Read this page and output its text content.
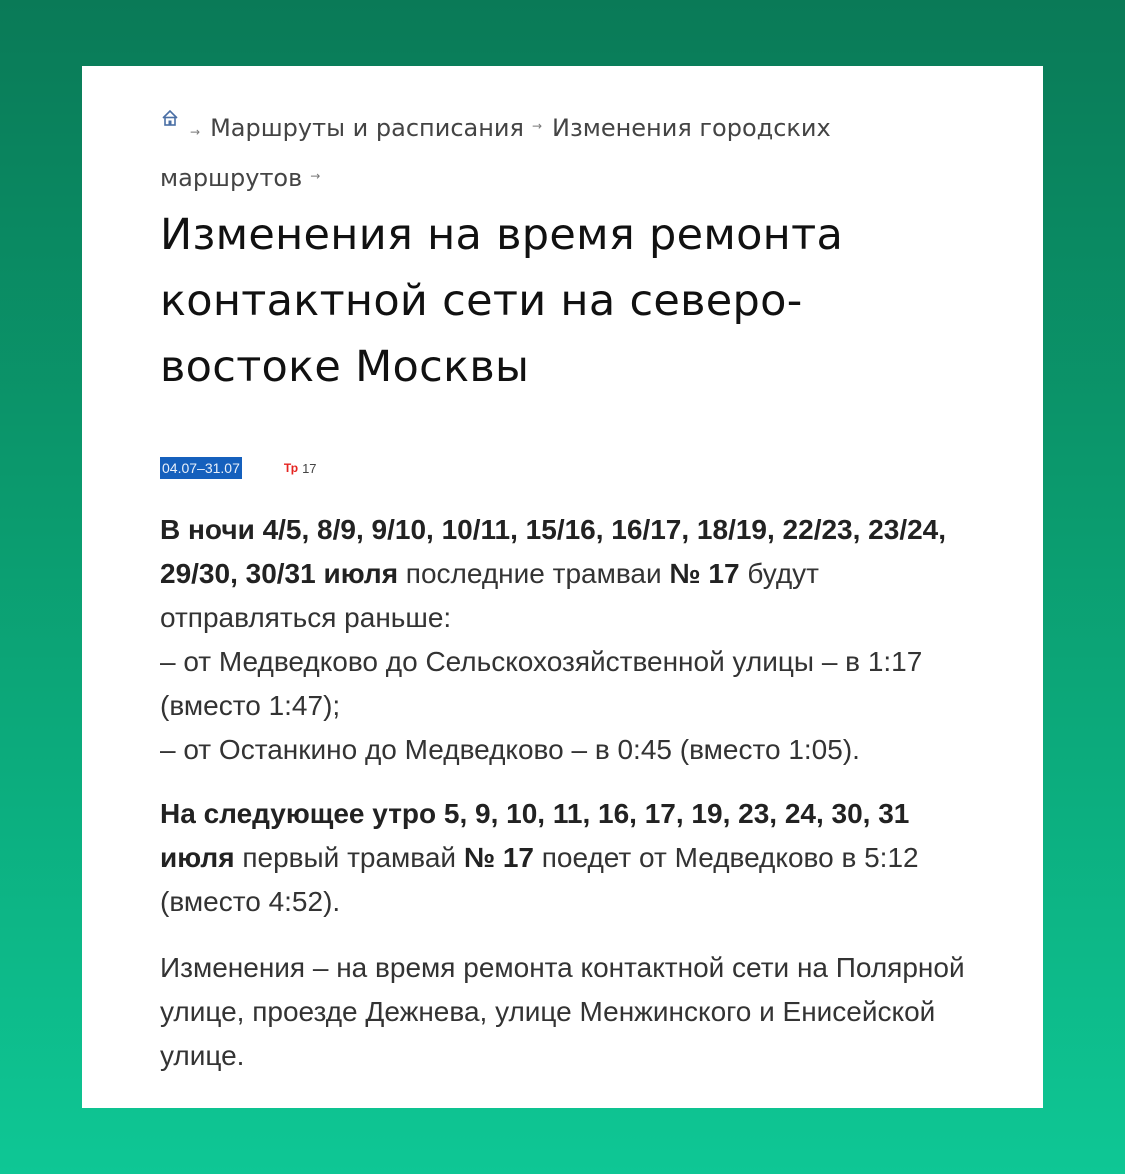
→ Маршруты и расписания → Изменения городских маршрутов →
Изменения на время ремонта контактной сети на северо-востоке Москвы
04.07–31.07	Тр 17
В ночи 4/5, 8/9, 9/10, 10/11, 15/16, 16/17, 18/19, 22/23, 23/24, 29/30, 30/31 июля последние трамваи № 17 будут отправляться раньше:
– от Медведково до Сельскохозяйственной улицы – в 1:17 (вместо 1:47);
– от Останкино до Медведково – в 0:45 (вместо 1:05).
На следующее утро 5, 9, 10, 11, 16, 17, 19, 23, 24, 30, 31 июля первый трамвай № 17 поедет от Медведково в 5:12 (вместо 4:52).
Изменения – на время ремонта контактной сети на Полярной улице, проезде Дежнева, улице Менжинского и Енисейской улице.
